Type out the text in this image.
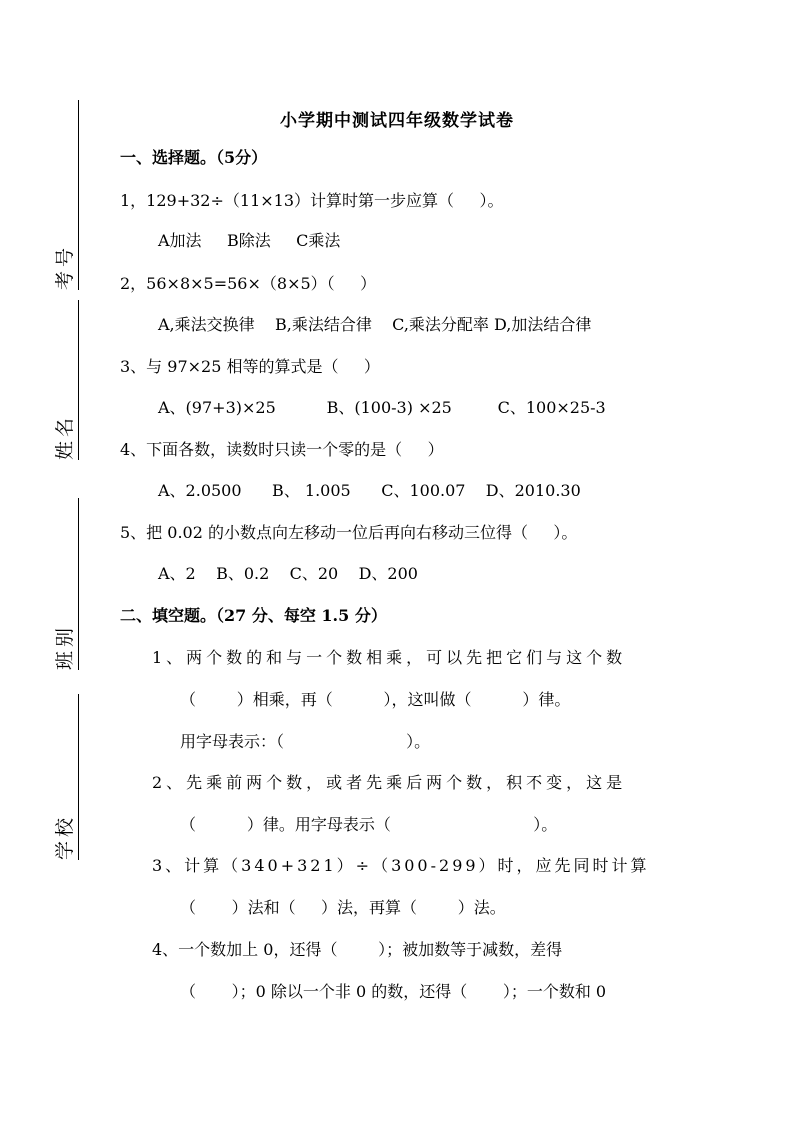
考号
姓名
班别
学校
小学期中测试四年级数学试卷
一、选择题。（5分）
1，129+32÷（11×13）计算时第一步应算（     ）。
A加法     B除法     C乘法
2，56×8×5=56×（8×5）（     ）
A,乘法交换律    B,乘法结合律    C,乘法分配率 D,加法结合律
3、与 97×25 相等的算式是（     ）
A、(97+3)×25          B、(100-3) ×25         C、100×25-3
4、下面各数，读数时只读一个零的是（     ）
A、2.0500      B、 1.005      C、100.07    D、2010.30
5、把 0.02 的小数点向左移动一位后再向右移动三位得（     ）。
A、2    B、0.2    C、20    D、200
二、填空题。（27 分、每空 1.5 分）
1、两个数的和与一个数相乘，可以先把它们与这个数
（        ）相乘，再（          ），这叫做（          ）律。
用字母表示：（                        ）。
2、先乘前两个数，或者先乘后两个数，积不变，这是
（          ）律。用字母表示（                            ）。
3、计算（340+321）÷（300-299）时，应先同时计算
（       ）法和（     ）法，再算（        ）法。
4、一个数加上 0，还得（        ）；被加数等于减数，差得
（       ）；0 除以一个非 0 的数，还得（       ）；一个数和 0
